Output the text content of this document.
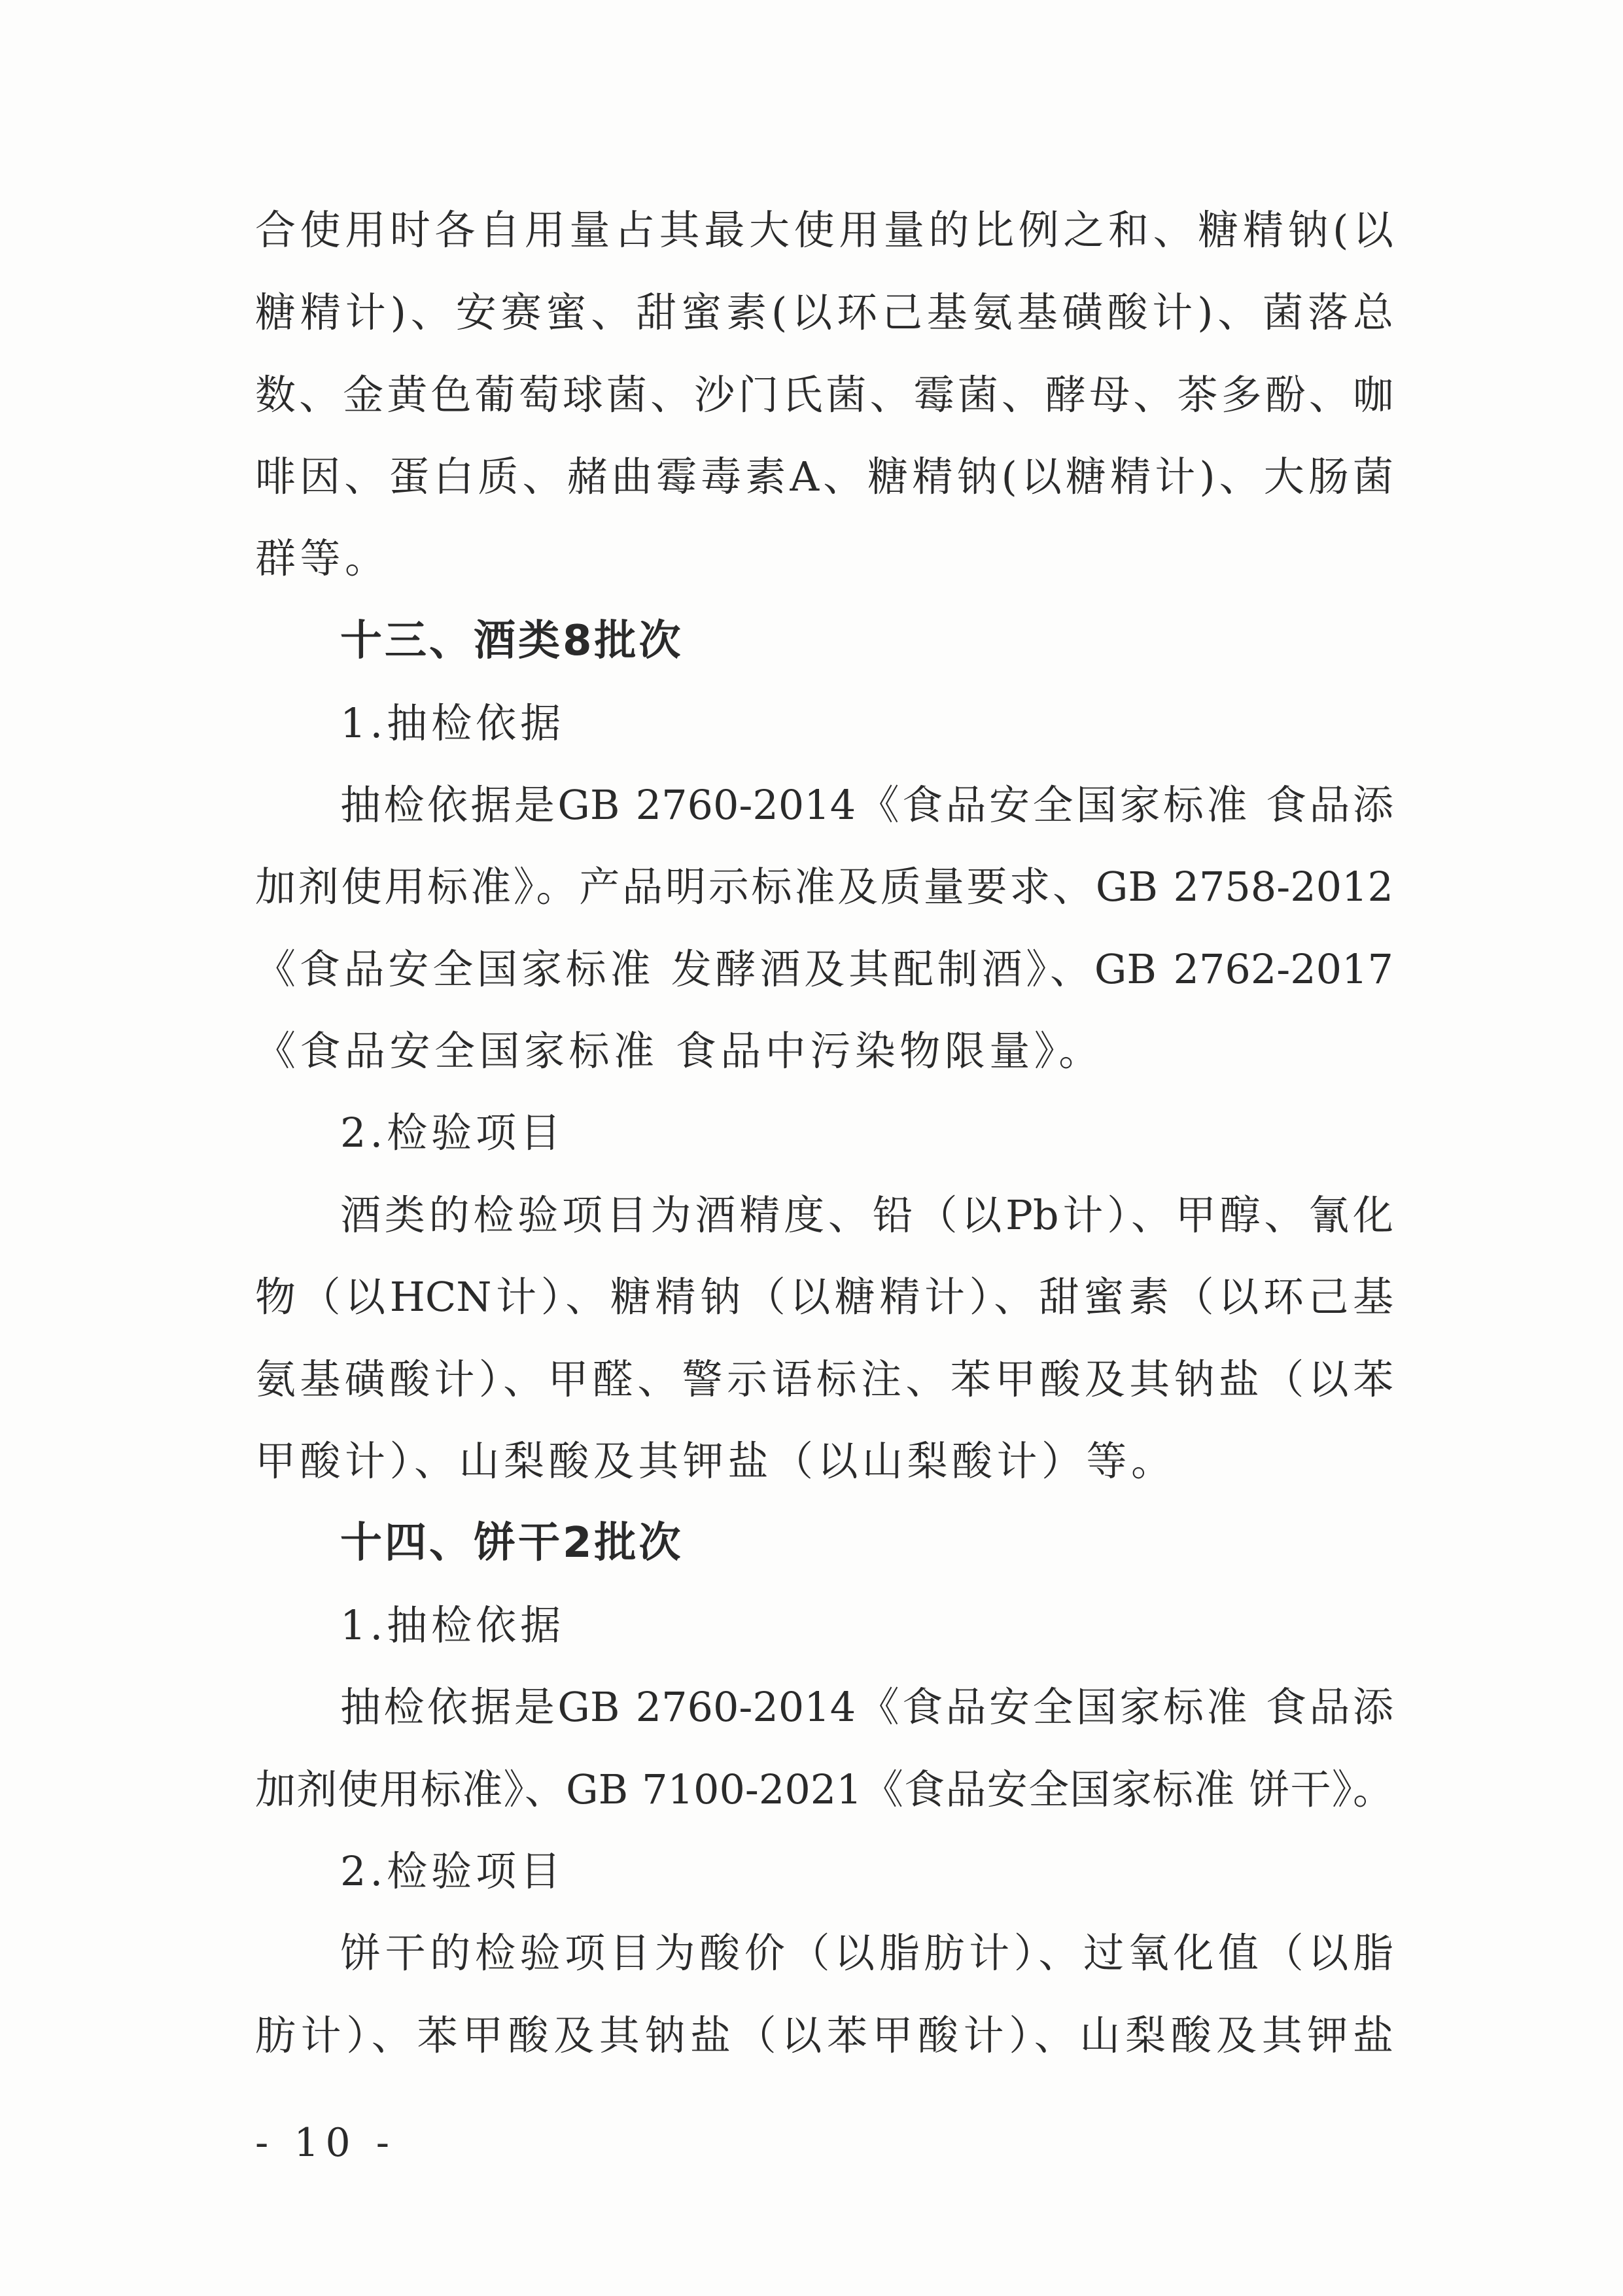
合使用时各自用量占其最大使用量的比例之和、糖精钠(以

糖精计)、安赛蜜、甜蜜素(以环己基氨基磺酸计)、菌落总

数、金黄色葡萄球菌、沙门氏菌、霉菌、酵母、茶多酚、咖

啡因、蛋白质、赭曲霉毒素A、糖精钠(以糖精计)、大肠菌

群等。

十三、酒类8批次

1.抽检依据

抽检依据是GB 2760-2014《食品安全国家标准 食品添

加剂使用标准》。产品明示标准及质量要求、GB 2758-2012

《食品安全国家标准 发酵酒及其配制酒》、GB 2762-2017

《食品安全国家标准 食品中污染物限量》。

2.检验项目

酒类的检验项目为酒精度、铅（以Pb计）、甲醇、氰化

物（以HCN计）、糖精钠（以糖精计）、甜蜜素（以环己基

氨基磺酸计）、甲醛、警示语标注、苯甲酸及其钠盐（以苯

甲酸计）、山梨酸及其钾盐（以山梨酸计）等。

十四、饼干2批次

1.抽检依据

抽检依据是GB 2760-2014《食品安全国家标准 食品添

加剂使用标准》、GB 7100-2021《食品安全国家标准 饼干》。

2.检验项目

饼干的检验项目为酸价（以脂肪计）、过氧化值（以脂

肪计）、苯甲酸及其钠盐（以苯甲酸计）、山梨酸及其钾盐

- 10 -
